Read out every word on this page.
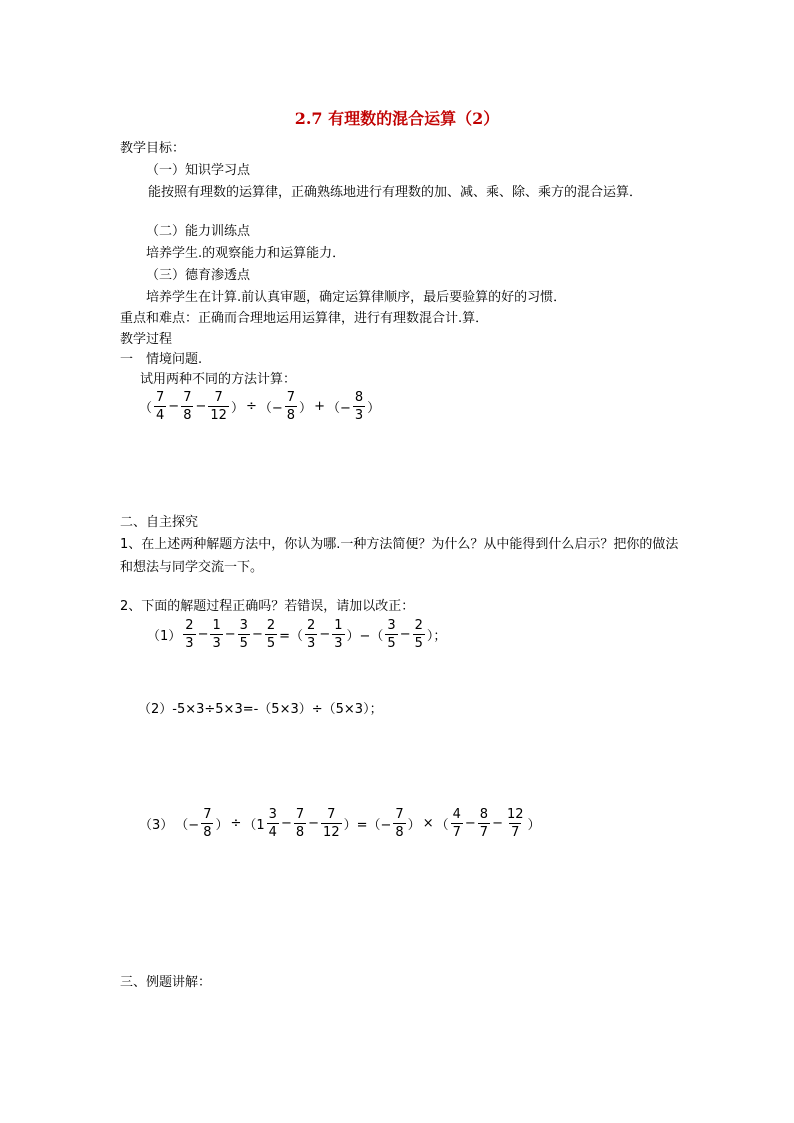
2.7 有理数的混合运算（2）
教学目标：
（一）知识学习点
能按照有理数的运算律，正确熟练地进行有理数的加、减、乘、除、乘方的混合运算．
（二）能力训练点
培养学生.的观察能力和运算能力．
（三）德育渗透点
培养学生在计算.前认真审题，确定运算律顺序，最后要验算的好的习惯．
重点和难点：正确而合理地运用运算律，进行有理数混合计.算．
教学过程
一　情境问题.
试用两种不同的方法计算：
（ $\frac{7}{4} - \frac{7}{8} - \frac{7}{12}$ ） ÷ （− $\frac{7}{8}$ ） + （− $\frac{8}{3}$ ）
二、自主探究
1、在上述两种解题方法中，你认为哪.一种方法简便？为什么？从中能得到什么启示？把你的做法和想法与同学交流一下。
2、下面的解题过程正确吗？若错误，请加以改正：
$(1) \frac{2}{3} - \frac{1}{3} - \frac{3}{5} - \frac{2}{5}$ =（ $\frac{2}{3} - \frac{1}{3}$ ）−（ $\frac{3}{5} - \frac{2}{5}$ ）；
（2）-5×3÷5×3=-（5×3）÷（5×3）；
（3） （− $\frac{7}{8}$ ） ÷ （$1 \frac{3}{4} - \frac{7}{8} - \frac{7}{12}$ ）=（− $\frac{7}{8}$ ） × （ $\frac{4}{7} - \frac{8}{7} - \frac{12}{7}$ ）
三、例题讲解：
